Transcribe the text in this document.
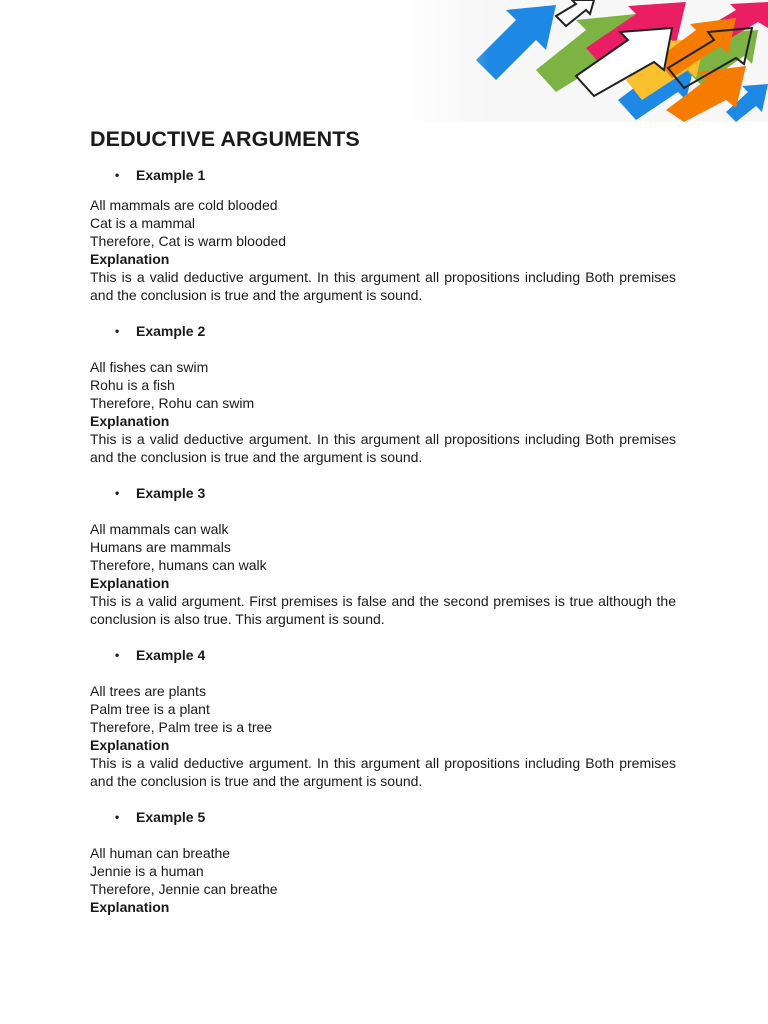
DEDUCTIVE ARGUMENTS
• Example 1
All mammals are cold blooded
Cat is a mammal
Therefore, Cat is warm blooded
Explanation
This is a valid deductive argument. In this argument all propositions including Both premises and the conclusion is true and the argument is sound.
• Example 2
All fishes can swim
Rohu is a fish
Therefore, Rohu can swim
Explanation
This is a valid deductive argument. In this argument all propositions including Both premises and the conclusion is true and the argument is sound.
• Example 3
All mammals can walk
Humans are mammals
Therefore, humans can walk
Explanation
This is a valid argument. First premises is false and the second premises is true although the conclusion is also true. This argument is sound.
• Example 4
All trees are plants
Palm tree is a plant
Therefore, Palm tree is a tree
Explanation
This is a valid deductive argument. In this argument all propositions including Both premises and the conclusion is true and the argument is sound.
• Example 5
All human can breathe
Jennie is a human
Therefore, Jennie can breathe
Explanation
